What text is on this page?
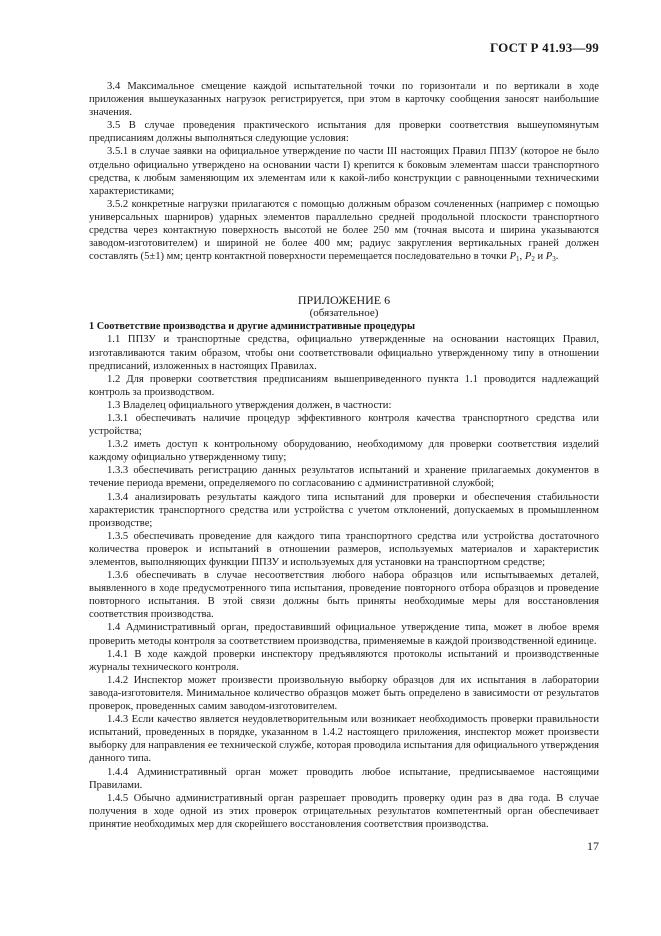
ГОСТ Р 41.93—99

3.4 Максимальное смещение каждой испытательной точки по горизонтали и по вертикали в ходе приложения вышеуказанных нагрузок регистрируется, при этом в карточку сообщения заносят наибольшие значения.

3.5 В случае проведения практического испытания для проверки соответствия вышеупомянутым предписаниям должны выполняться следующие условия:

3.5.1 в случае заявки на официальное утверждение по части III настоящих Правил ППЗУ (которое не было отдельно официально утверждено на основании части I) крепится к боковым элементам шасси транспортного средства, к любым заменяющим их элементам или к какой-либо конструкции с равноценными техническими характеристиками;

3.5.2 конкретные нагрузки прилагаются с помощью должным образом сочлененных (например с помощью универсальных шарниров) ударных элементов параллельно средней продольной плоскости транспортного средства через контактную поверхность высотой не более 250 мм (точная высота и ширина указываются заводом-изготовителем) и шириной не более 400 мм; радиус закругления вертикальных граней должен составлять (5±1) мм; центр контактной поверхности перемещается последовательно в точки $P_1$, $P_2$ и $P_3$.

ПРИЛОЖЕНИЕ 6
(обязательное)

1 Соответствие производства и другие административные процедуры

1.1 ППЗУ и транспортные средства, официально утвержденные на основании настоящих Правил, изготавливаются таким образом, чтобы они соответствовали официально утвержденному типу в отношении предписаний, изложенных в настоящих Правилах.

1.2 Для проверки соответствия предписаниям вышеприведенного пункта 1.1 проводится надлежащий контроль за производством.

1.3 Владелец официального утверждения должен, в частности:

1.3.1 обеспечивать наличие процедур эффективного контроля качества транспортного средства или устройства;

1.3.2 иметь доступ к контрольному оборудованию, необходимому для проверки соответствия изделий каждому официально утвержденному типу;

1.3.3 обеспечивать регистрацию данных результатов испытаний и хранение прилагаемых документов в течение периода времени, определяемого по согласованию с административной службой;

1.3.4 анализировать результаты каждого типа испытаний для проверки и обеспечения стабильности характеристик транспортного средства или устройства с учетом отклонений, допускаемых в промышленном производстве;

1.3.5 обеспечивать проведение для каждого типа транспортного средства или устройства достаточного количества проверок и испытаний в отношении размеров, используемых материалов и характеристик элементов, выполняющих функции ППЗУ и используемых для установки на транспортном средстве;

1.3.6 обеспечивать в случае несоответствия любого набора образцов или испытываемых деталей, выявленного в ходе предусмотренного типа испытания, проведение повторного отбора образцов и проведение повторного испытания. В этой связи должны быть приняты необходимые меры для восстановления соответствия производства.

1.4 Административный орган, предоставивший официальное утверждение типа, может в любое время проверить методы контроля за соответствием производства, применяемые в каждой производственной единице.

1.4.1 В ходе каждой проверки инспектору предъявляются протоколы испытаний и производственные журналы технического контроля.

1.4.2 Инспектор может произвести произвольную выборку образцов для их испытания в лаборатории завода-изготовителя. Минимальное количество образцов может быть определено в зависимости от результатов проверок, проведенных самим заводом-изготовителем.

1.4.3 Если качество является неудовлетворительным или возникает необходимость проверки правильности испытаний, проведенных в порядке, указанном в 1.4.2 настоящего приложения, инспектор может произвести выборку для направления ее технической службе, которая проводила испытания для официального утверждения данного типа.

1.4.4 Административный орган может проводить любое испытание, предписываемое настоящими Правилами.

1.4.5 Обычно административный орган разрешает проводить проверку один раз в два года. В случае получения в ходе одной из этих проверок отрицательных результатов компетентный орган обеспечивает принятие необходимых мер для скорейшего восстановления соответствия производства.

17
